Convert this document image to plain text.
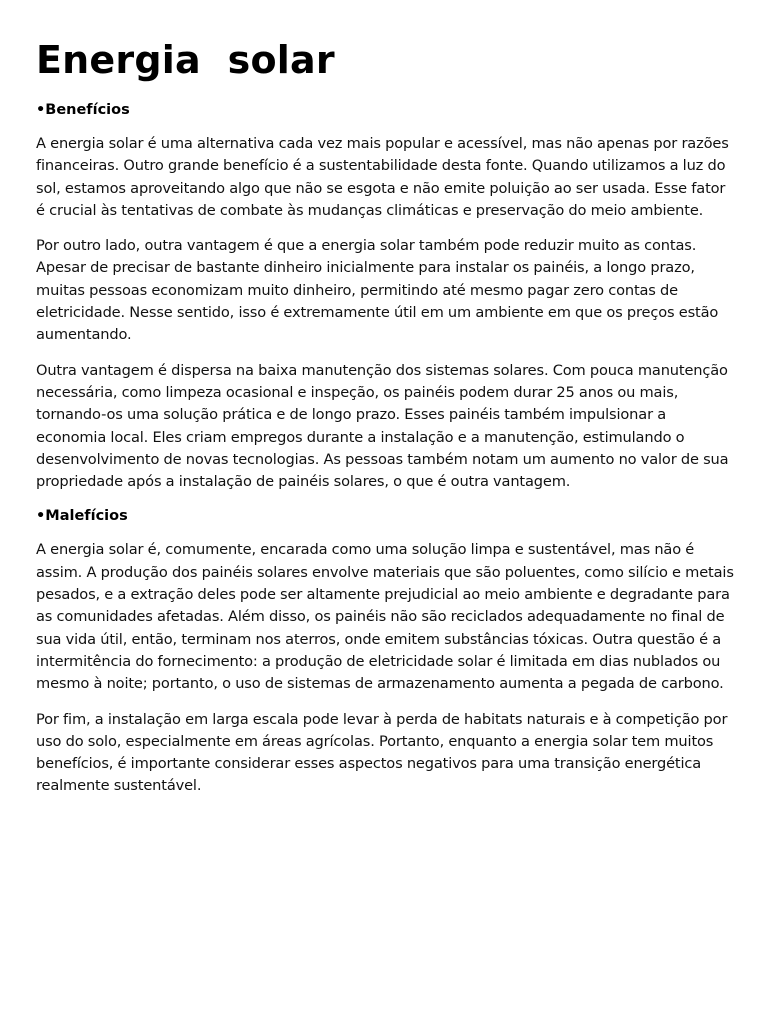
Energia  solar
•Benefícios

A energia solar é uma alternativa cada vez mais popular e acessível, mas não apenas por razões financeiras. Outro grande benefício é a sustentabilidade desta fonte. Quando utilizamos a luz do sol, estamos aproveitando algo que não se esgota e não emite poluição ao ser usada. Esse fator é crucial às tentativas de combate às mudanças climáticas e preservação do meio ambiente.

Por outro lado, outra vantagem é que a energia solar também pode reduzir muito as contas. Apesar de precisar de bastante dinheiro inicialmente para instalar os painéis, a longo prazo, muitas pessoas economizam muito dinheiro, permitindo até mesmo pagar zero contas de eletricidade. Nesse sentido, isso é extremamente útil em um ambiente em que os preços estão aumentando.

Outra vantagem é dispersa na baixa manutenção dos sistemas solares. Com pouca manutenção necessária, como limpeza ocasional e inspeção, os painéis podem durar 25 anos ou mais, tornando-os uma solução prática e de longo prazo. Esses painéis também impulsionar a economia local. Eles criam empregos durante a instalação e a manutenção, estimulando o desenvolvimento de novas tecnologias. As pessoas também notam um aumento no valor de sua propriedade após a instalação de painéis solares, o que é outra vantagem.

•Malefícios

A energia solar é, comumente, encarada como uma solução limpa e sustentável, mas não é assim. A produção dos painéis solares envolve materiais que são poluentes, como silício e metais pesados, e a extração deles pode ser altamente prejudicial ao meio ambiente e degradante para as comunidades afetadas. Além disso, os painéis não são reciclados adequadamente no final de sua vida útil, então, terminam nos aterros, onde emitem substâncias tóxicas. Outra questão é a intermitência do fornecimento: a produção de eletricidade solar é limitada em dias nublados ou mesmo à noite; portanto, o uso de sistemas de armazenamento aumenta a pegada de carbono.

Por fim, a instalação em larga escala pode levar à perda de habitats naturais e à competição por uso do solo, especialmente em áreas agrícolas. Portanto, enquanto a energia solar tem muitos benefícios, é importante considerar esses aspectos negativos para uma transição energética realmente sustentável.
